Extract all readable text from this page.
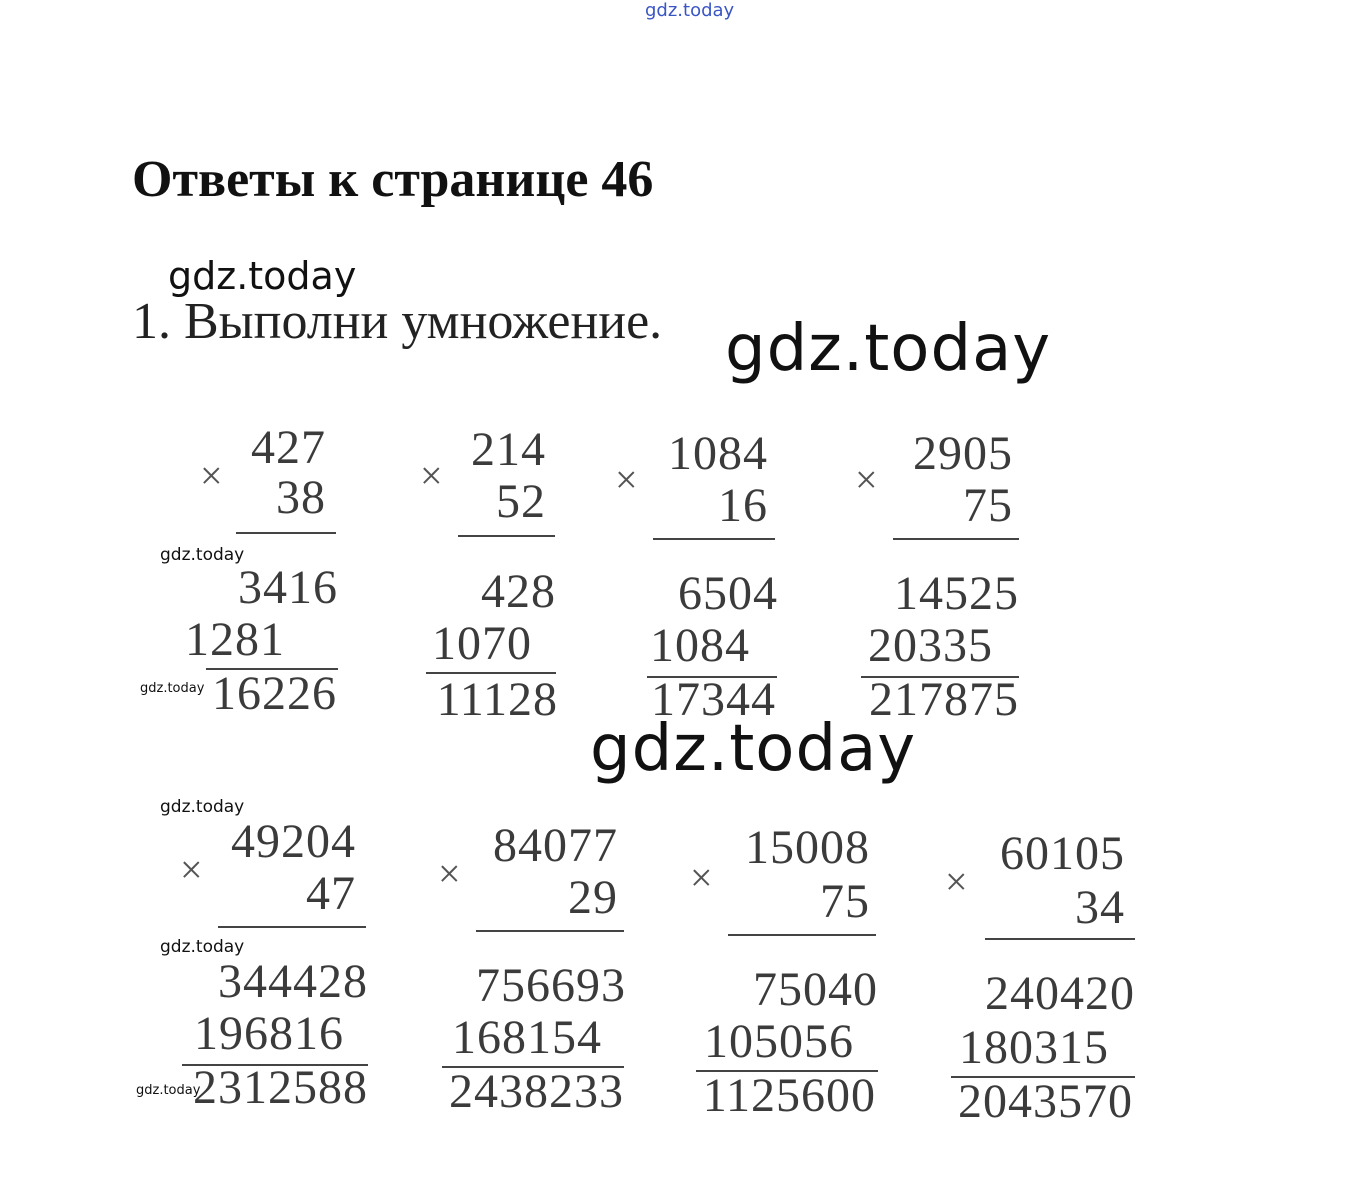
gdz.today
Ответы к странице 46
gdz.today
1. Выполни умножение. gdz.today
gdz.today
gdz.today
gdz.today
gdz.today
gdz.today
gdz.today
×
427
38
3416
1281
16226
× 214
52
428
1070
11128
× 1084
16
6504
1084
17344
× 2905
75
14525
20335
217875
×
49204
47
344428
196816
2312588
×
84077
29
756693
168154
2438233
×
15008
75
75040
105056
1125600
×
60105
34
240420
180315
2043570
